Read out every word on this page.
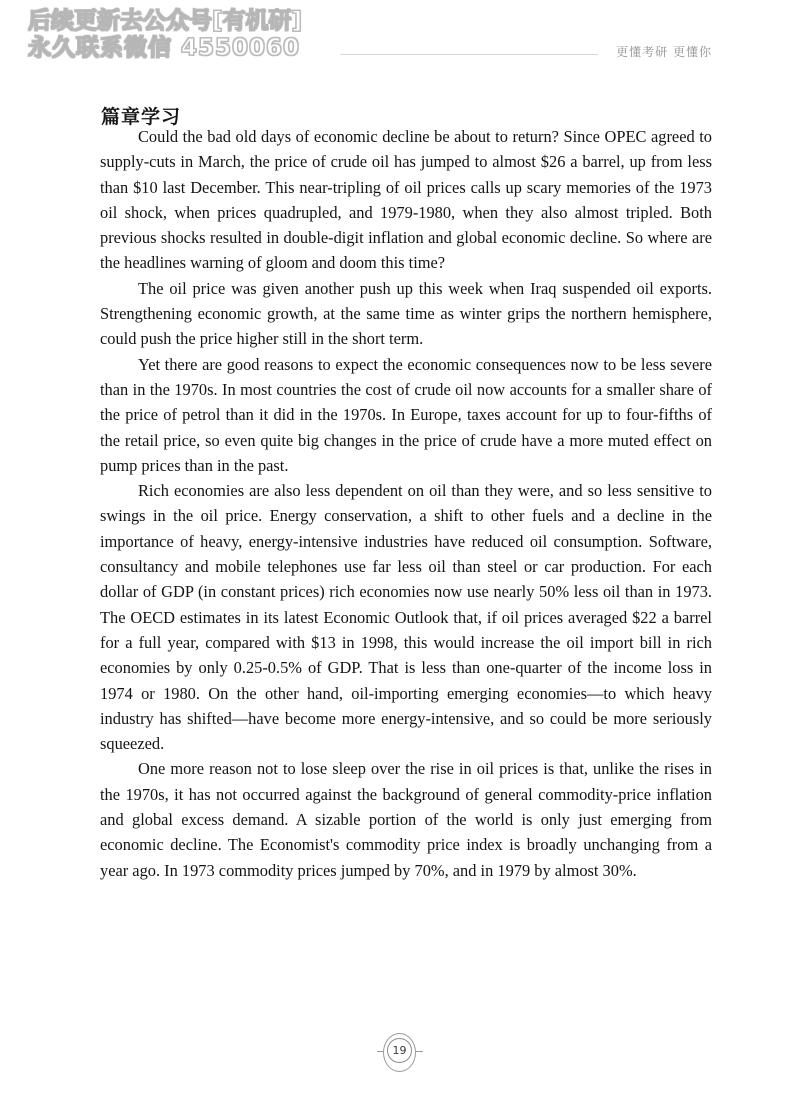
后续更新去公众号[有机研]
永久联系微信 4550060	更懂考研 更懂你
篇章学习

Could the bad old days of economic decline be about to return? Since OPEC agreed to supply-cuts in March, the price of crude oil has jumped to almost $26 a barrel, up from less than $10 last December. This near-tripling of oil prices calls up scary memories of the 1973 oil shock, when prices quadrupled, and 1979-1980, when they also almost tripled. Both previous shocks resulted in double-digit inflation and global economic decline. So where are the headlines warning of gloom and doom this time?

The oil price was given another push up this week when Iraq suspended oil exports. Strengthening economic growth, at the same time as winter grips the northern hemisphere, could push the price higher still in the short term.

Yet there are good reasons to expect the economic consequences now to be less severe than in the 1970s. In most countries the cost of crude oil now accounts for a smaller share of the price of petrol than it did in the 1970s. In Europe, taxes account for up to four-fifths of the retail price, so even quite big changes in the price of crude have a more muted effect on pump prices than in the past.

Rich economies are also less dependent on oil than they were, and so less sensitive to swings in the oil price. Energy conservation, a shift to other fuels and a decline in the importance of heavy, energy-intensive industries have reduced oil consumption. Software, consultancy and mobile telephones use far less oil than steel or car production. For each dollar of GDP (in constant prices) rich economies now use nearly 50% less oil than in 1973. The OECD estimates in its latest Economic Outlook that, if oil prices averaged $22 a barrel for a full year, compared with $13 in 1998, this would increase the oil import bill in rich economies by only 0.25-0.5% of GDP. That is less than one-quarter of the income loss in 1974 or 1980. On the other hand, oil-importing emerging economies—to which heavy industry has shifted—have become more energy-intensive, and so could be more seriously squeezed.

One more reason not to lose sleep over the rise in oil prices is that, unlike the rises in the 1970s, it has not occurred against the background of general commodity-price inflation and global excess demand. A sizable portion of the world is only just emerging from economic decline. The Economist's commodity price index is broadly unchanging from a year ago. In 1973 commodity prices jumped by 70%, and in 1979 by almost 30%.

19
